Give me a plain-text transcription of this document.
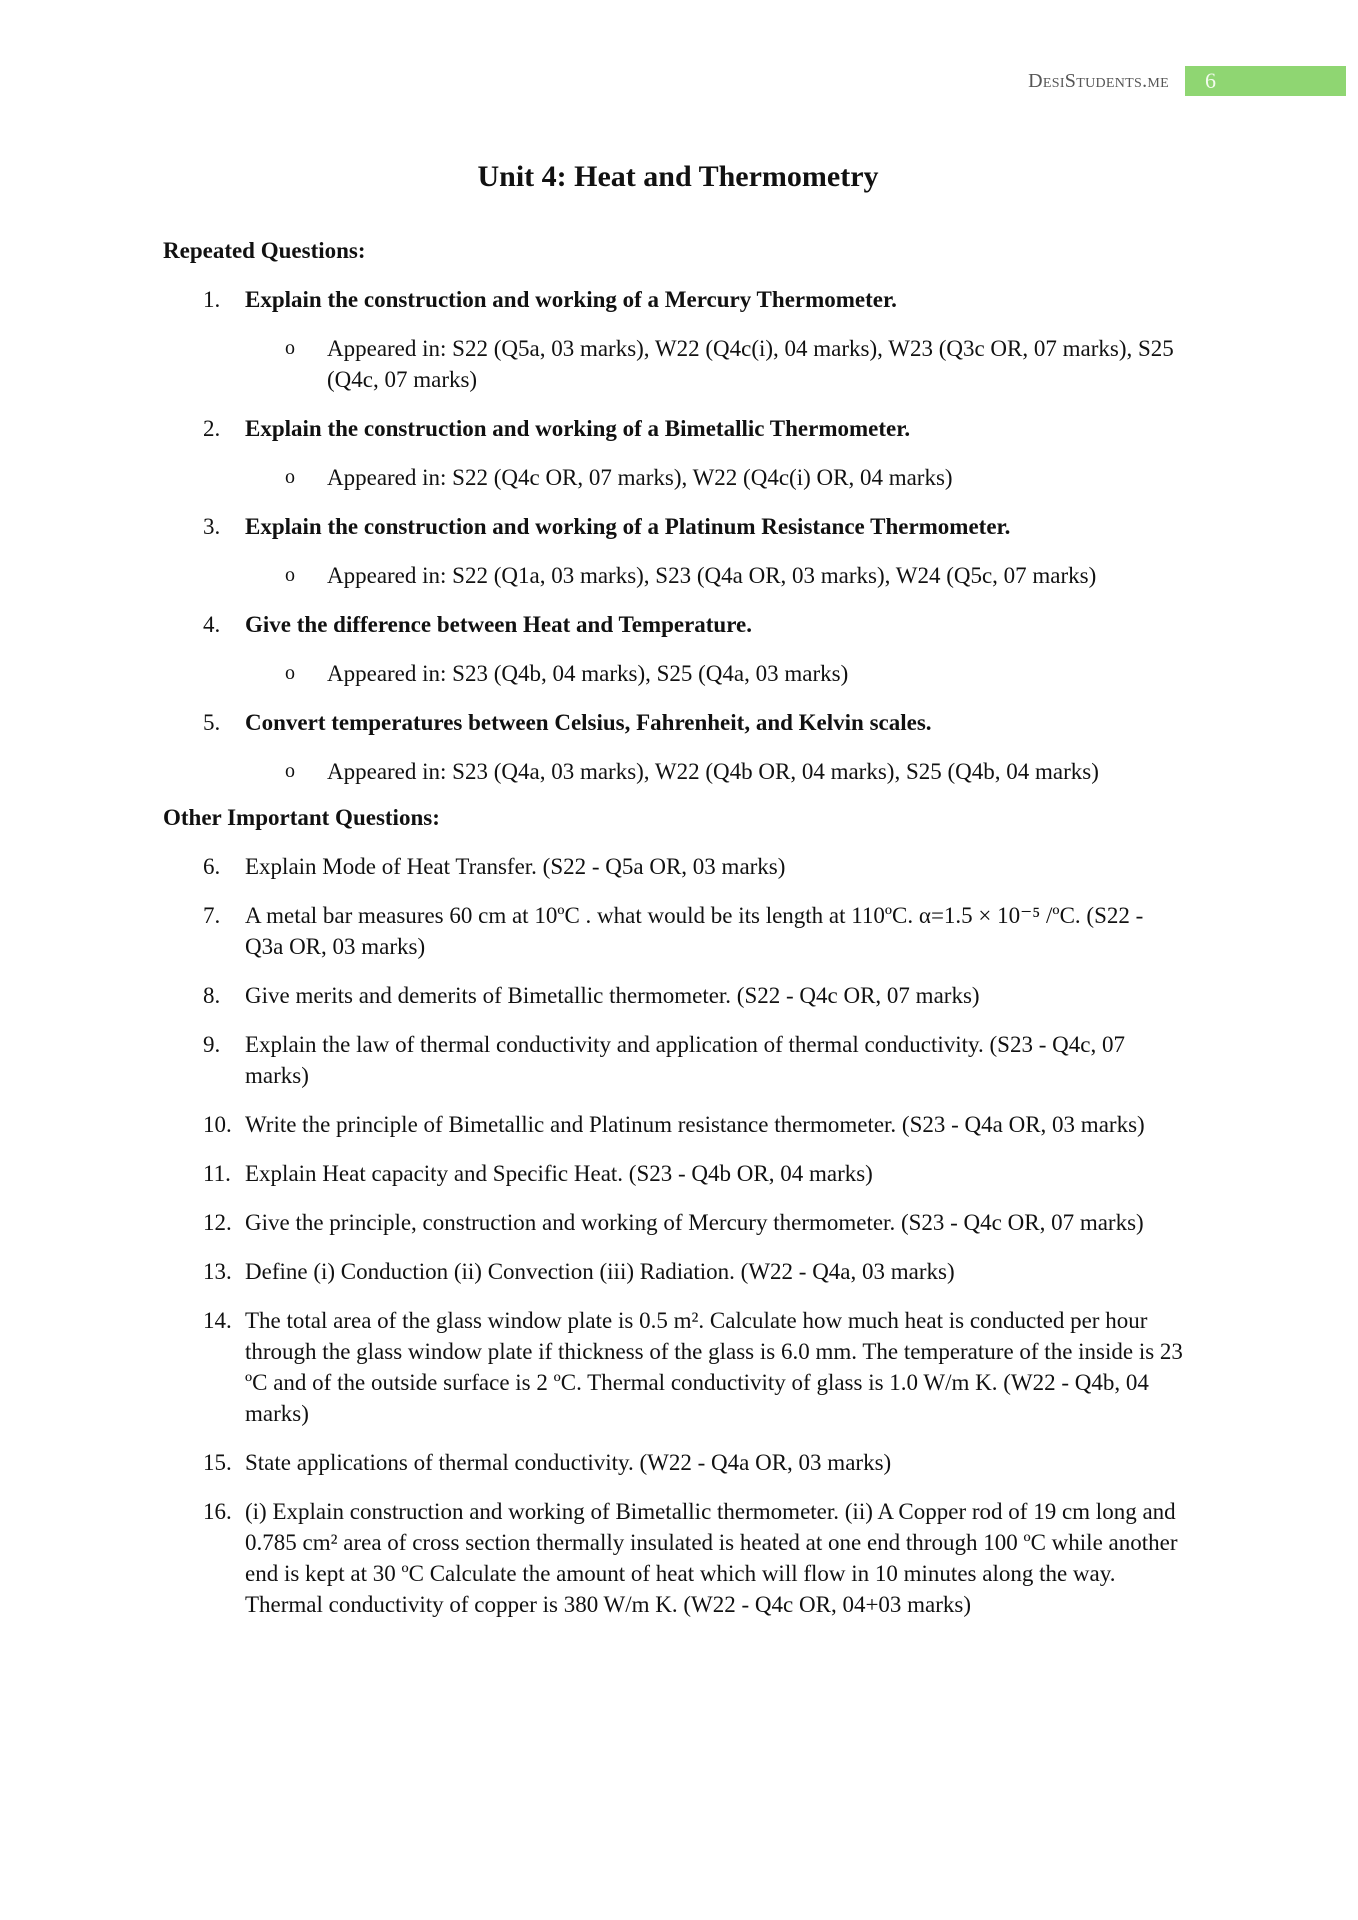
DesiStudents.me	6
Unit 4: Heat and Thermometry
Repeated Questions:
1. Explain the construction and working of a Mercury Thermometer.
o Appeared in: S22 (Q5a, 03 marks), W22 (Q4c(i), 04 marks), W23 (Q3c OR, 07 marks), S25 (Q4c, 07 marks)
2. Explain the construction and working of a Bimetallic Thermometer.
o Appeared in: S22 (Q4c OR, 07 marks), W22 (Q4c(i) OR, 04 marks)
3. Explain the construction and working of a Platinum Resistance Thermometer.
o Appeared in: S22 (Q1a, 03 marks), S23 (Q4a OR, 03 marks), W24 (Q5c, 07 marks)
4. Give the difference between Heat and Temperature.
o Appeared in: S23 (Q4b, 04 marks), S25 (Q4a, 03 marks)
5. Convert temperatures between Celsius, Fahrenheit, and Kelvin scales.
o Appeared in: S23 (Q4a, 03 marks), W22 (Q4b OR, 04 marks), S25 (Q4b, 04 marks)
Other Important Questions:
6. Explain Mode of Heat Transfer. (S22 - Q5a OR, 03 marks)
7. A metal bar measures 60 cm at 10ºC . what would be its length at 110ºC. α=1.5 × 10⁻⁵ /ºC. (S22 - Q3a OR, 03 marks)
8. Give merits and demerits of Bimetallic thermometer. (S22 - Q4c OR, 07 marks)
9. Explain the law of thermal conductivity and application of thermal conductivity. (S23 - Q4c, 07 marks)
10. Write the principle of Bimetallic and Platinum resistance thermometer. (S23 - Q4a OR, 03 marks)
11. Explain Heat capacity and Specific Heat. (S23 - Q4b OR, 04 marks)
12. Give the principle, construction and working of Mercury thermometer. (S23 - Q4c OR, 07 marks)
13. Define (i) Conduction (ii) Convection (iii) Radiation. (W22 - Q4a, 03 marks)
14. The total area of the glass window plate is 0.5 m². Calculate how much heat is conducted per hour through the glass window plate if thickness of the glass is 6.0 mm. The temperature of the inside is 23 ºC and of the outside surface is 2 ºC. Thermal conductivity of glass is 1.0 W/m K. (W22 - Q4b, 04 marks)
15. State applications of thermal conductivity. (W22 - Q4a OR, 03 marks)
16. (i) Explain construction and working of Bimetallic thermometer. (ii) A Copper rod of 19 cm long and 0.785 cm² area of cross section thermally insulated is heated at one end through 100 ºC while another end is kept at 30 ºC Calculate the amount of heat which will flow in 10 minutes along the way. Thermal conductivity of copper is 380 W/m K. (W22 - Q4c OR, 04+03 marks)
